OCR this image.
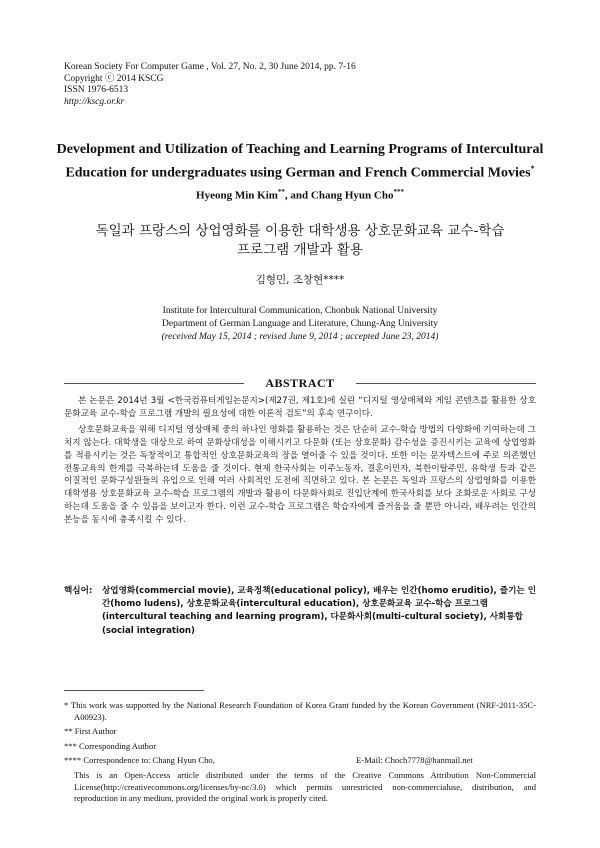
Korean Society For Computer Game , Vol. 27, No. 2, 30 June 2014, pp. 7-16
Copyright ⓒ 2014 KSCG
ISSN 1976-6513
http://kscg.or.kr
Development and Utilization of Teaching and Learning Programs of Intercultural
Education for undergraduates using German and French Commercial Movies*
Hyeong Min Kim**, and Chang Hyun Cho***
독일과 프랑스의 상업영화를 이용한 대학생용 상호문화교육 교수-학습
프로그램 개발과 활용
김형민, 조창현****
Institute for Intercultural Communication, Chonbuk National University
Department of German Language and Literature, Chung-Ang University
(received May 15, 2014 ; revised June 9, 2014 ; accepted June 23, 2014)
ABSTRACT

본 논문은 2014년 3월 <한국컴퓨터게임논문지>(제27권, 제1호)에 실린 “디지털 영상매체와 게임 콘텐츠를 활용한 상호문화교육 교수-학습 프로그램 개발의 필요성에 대한 이론적 검토”의 후속 연구이다.

상호문화교육을 위해 디지털 영상매체 중의 하나인 영화를 활용하는 것은 단순히 교수-학습 방법의 다양화에 기여하는데 그치지 않는다. 대학생을 대상으로 하여 문화상대성을 이해시키고 다문화 (또는 상호문화) 감수성을 증진시키는 교육에 상업영화를 적용시키는 것은 독창적이고 통합적인 상호문화교육의 장을 열어줄 수 있을 것이다. 또한 이는 문자텍스트에 주로 의존했던 전통교육의 한계를 극복하는데 도움을 줄 것이다. 현재 한국사회는 이주노동자, 결혼이민자, 북한이탈주민, 유학생 등과 같은 이질적인 문화구성원들의 유입으로 인해 여러 사회적인 도전에 직면하고 있다. 본 논문은 독일과 프랑스의 상업영화를 이용한 대학생용 상호문화교육 교수-학습 프로그램의 개발과 활용이 다문화사회로 진입단계에 한국사회를 보다 조화로운 사회로 구성하는데 도움을 줄 수 있음을 보이고자 한다. 이런 교수-학습 프로그램은 학습자에게 즐거움을 줄 뿐만 아니라, 배우려는 인간의 본능을 동시에 충족시킬 수 있다.

핵심어: 상업영화(commercial movie), 교육정책(educational policy), 배우는 인간(homo eruditio), 즐기는 인간(homo ludens), 상호문화교육(intercultural education), 상호문화교육 교수-학습 프로그램(intercultural teaching and learning program), 다문화사회(multi-cultural society), 사회통합(social integration)
* This work was supported by the National Research Foundation of Korea Grant funded by the Korean Government (NRF-2011-35C-A00923).
** First Author
*** Corresponding Author
**** Correspondence to: Chang Hyun Cho,	E-Mail: Choch7778@hanmail.net
This is an Open-Access article distributed under the terms of the Creative Commons Attribution Non-Commercial License(http://creativecommons.org/licenses/by-nc/3.0) which permits unrestricted non-commercialuse, distribution, and reproduction in any medium, provided the original work is properly cited.
